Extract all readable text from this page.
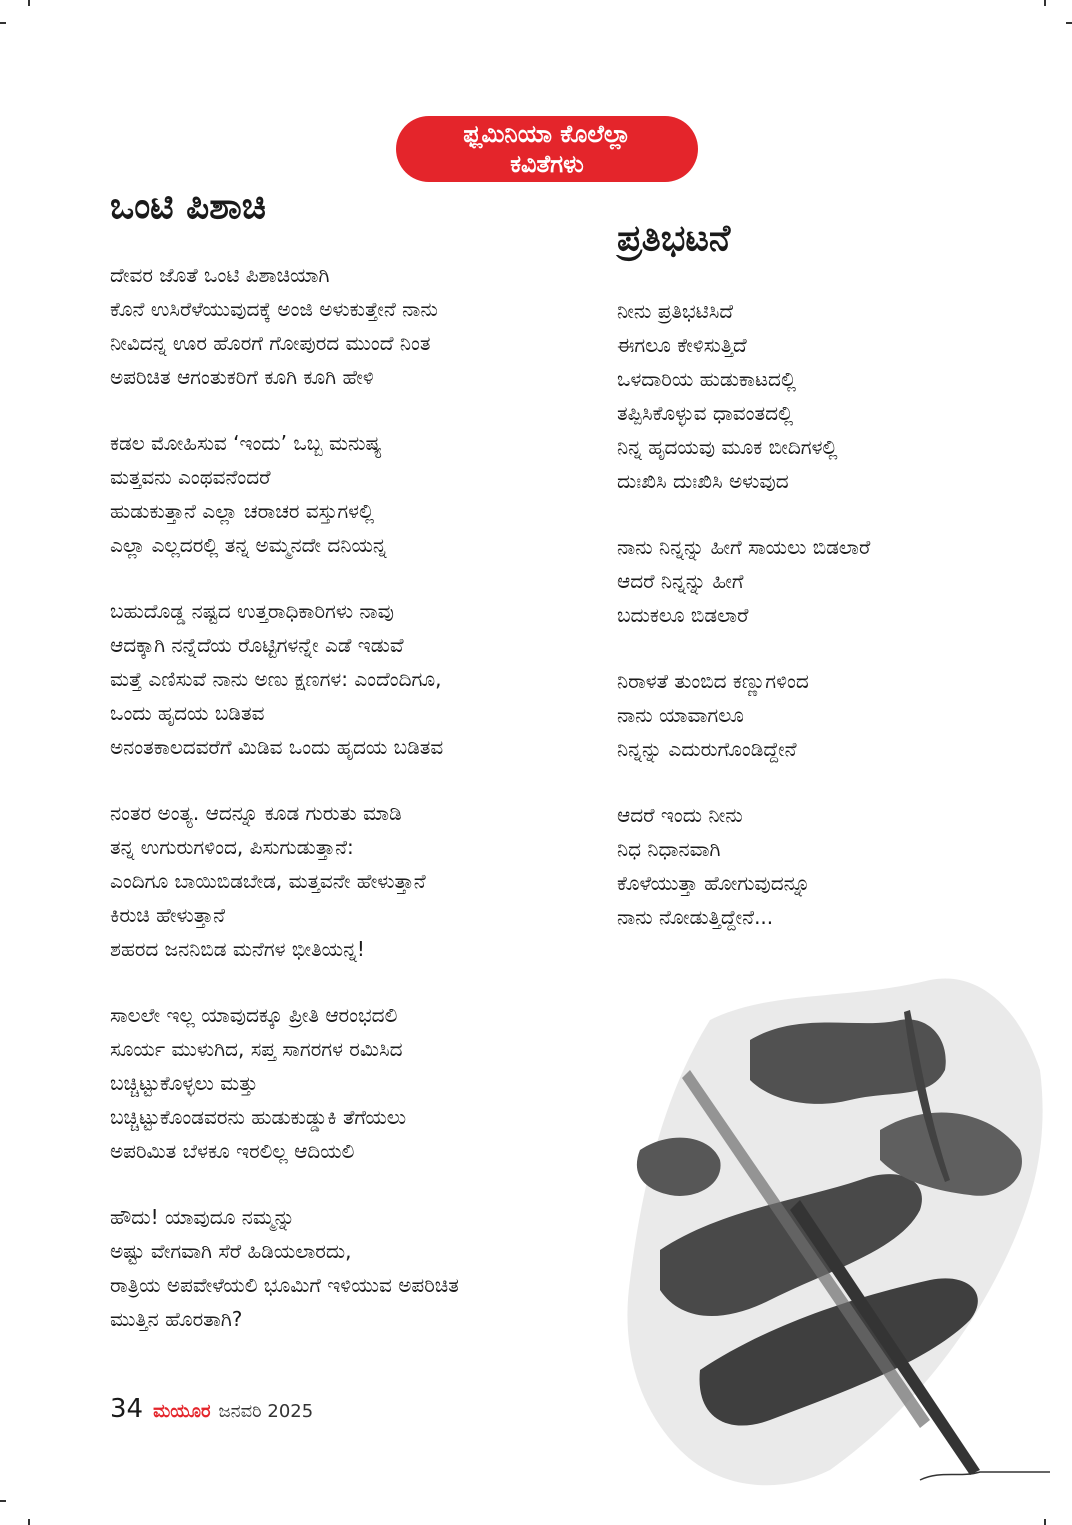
ಫ್ಲಮಿನಿಯಾ ಕೊಲೆಲ್ಲಾ
ಕವಿತೆಗಳು
ಒಂಟಿ ಪಿಶಾಚಿ
ದೇವರ ಜೊತೆ ಒಂಟಿ ಪಿಶಾಚಿಯಾಗಿ
ಕೊನೆ ಉಸಿರೆಳೆಯುವುದಕ್ಕೆ ಅಂಜಿ ಅಳುಕುತ್ತೇನೆ ನಾನು
ನೀವಿದನ್ನ ಊರ ಹೊರಗೆ ಗೋಪುರದ ಮುಂದೆ ನಿಂತ
ಅಪರಿಚಿತ ಆಗಂತುಕರಿಗೆ ಕೂಗಿ ಕೂಗಿ ಹೇಳಿ
ಕಡಲ ಮೋಹಿಸುವ ‘ಇಂದು’ ಒಬ್ಬ ಮನುಷ್ಯ
ಮತ್ತವನು ಎಂಥವನೆಂದರೆ
ಹುಡುಕುತ್ತಾನೆ ಎಲ್ಲಾ ಚರಾಚರ ವಸ್ತುಗಳಲ್ಲಿ
ಎಲ್ಲಾ ಎಲ್ಲದರಲ್ಲಿ ತನ್ನ ಅಮ್ಮನದೇ ದನಿಯನ್ನ
ಬಹುದೊಡ್ಡ ನಷ್ಟದ ಉತ್ತರಾಧಿಕಾರಿಗಳು ನಾವು
ಆದಕ್ಕಾಗಿ ನನ್ನೆದೆಯ ರೊಟ್ಟಿಗಳನ್ನೇ ಎಡೆ ಇಡುವೆ
ಮತ್ತೆ ಎಣಿಸುವೆ ನಾನು ಅಣು ಕ್ಷಣಗಳ: ಎಂದೆಂದಿಗೂ,
ಒಂದು ಹೃದಯ ಬಡಿತವ
ಅನಂತಕಾಲದವರೆಗೆ ಮಿಡಿವ ಒಂದು ಹೃದಯ ಬಡಿತವ
ನಂತರ ಅಂತ್ಯ. ಆದನ್ನೂ ಕೂಡ ಗುರುತು ಮಾಡಿ
ತನ್ನ ಉಗುರುಗಳಿಂದ, ಪಿಸುಗುಡುತ್ತಾನೆ:
ಎಂದಿಗೂ ಬಾಯಿಬಿಡಬೇಡ, ಮತ್ತವನೇ ಹೇಳುತ್ತಾನೆ
ಕಿರುಚಿ ಹೇಳುತ್ತಾನೆ
ಶಹರದ ಜನನಿಬಿಡ ಮನೆಗಳ ಭೀತಿಯನ್ನ!
ಸಾಲಲೇ ಇಲ್ಲ ಯಾವುದಕ್ಕೂ ಪ್ರೀತಿ ಆರಂಭದಲಿ
ಸೂರ್ಯ ಮುಳುಗಿದ, ಸಪ್ತ ಸಾಗರಗಳ ರಮಿಸಿದ
ಬಚ್ಚಿಟ್ಟುಕೊಳ್ಳಲು ಮತ್ತು
ಬಚ್ಚಿಟ್ಟುಕೊಂಡವರನು ಹುಡುಕುಡ್ಡುಕಿ ತೆಗೆಯಲು
ಅಪರಿಮಿತ ಬೆಳಕೂ ಇರಲಿಲ್ಲ ಆದಿಯಲಿ
ಹೌದು! ಯಾವುದೂ ನಮ್ಮನ್ನು
ಅಷ್ಟು ವೇಗವಾಗಿ ಸೆರೆ ಹಿಡಿಯಲಾರದು,
ರಾತ್ರಿಯ ಅಪವೇಳೆಯಲಿ ಭೂಮಿಗೆ ಇಳಿಯುವ ಅಪರಿಚಿತ
ಮುತ್ತಿನ ಹೊರತಾಗಿ?
ಪ್ರತಿಭಟನೆ
ನೀನು ಪ್ರತಿಭಟಿಸಿದೆ
ಈಗಲೂ ಕೇಳಿಸುತ್ತಿದೆ
ಒಳದಾರಿಯ ಹುಡುಕಾಟದಲ್ಲಿ
ತಪ್ಪಿಸಿಕೊಳ್ಳುವ ಧಾವಂತದಲ್ಲಿ
ನಿನ್ನ ಹೃದಯವು ಮೂಕ ಬೀದಿಗಳಲ್ಲಿ
ದುಃಖಿಸಿ ದುಃಖಿಸಿ ಅಳುವುದ
ನಾನು ನಿನ್ನನ್ನು ಹೀಗೆ ಸಾಯಲು ಬಿಡಲಾರೆ
ಆದರೆ ನಿನ್ನನ್ನು ಹೀಗೆ
ಬದುಕಲೂ ಬಿಡಲಾರೆ
ನಿರಾಳತೆ ತುಂಬಿದ ಕಣ್ಣುಗಳಿಂದ
ನಾನು ಯಾವಾಗಲೂ
ನಿನ್ನನ್ನು ಎದುರುಗೊಂಡಿದ್ದೇನೆ
ಆದರೆ ಇಂದು ನೀನು
ನಿಧ ನಿಧಾನವಾಗಿ
ಕೊಳೆಯುತ್ತಾ ಹೋಗುವುದನ್ನೂ
ನಾನು ನೋಡುತ್ತಿದ್ದೇನೆ...
34 ಮಯೂರ ಜನವರಿ 2025
